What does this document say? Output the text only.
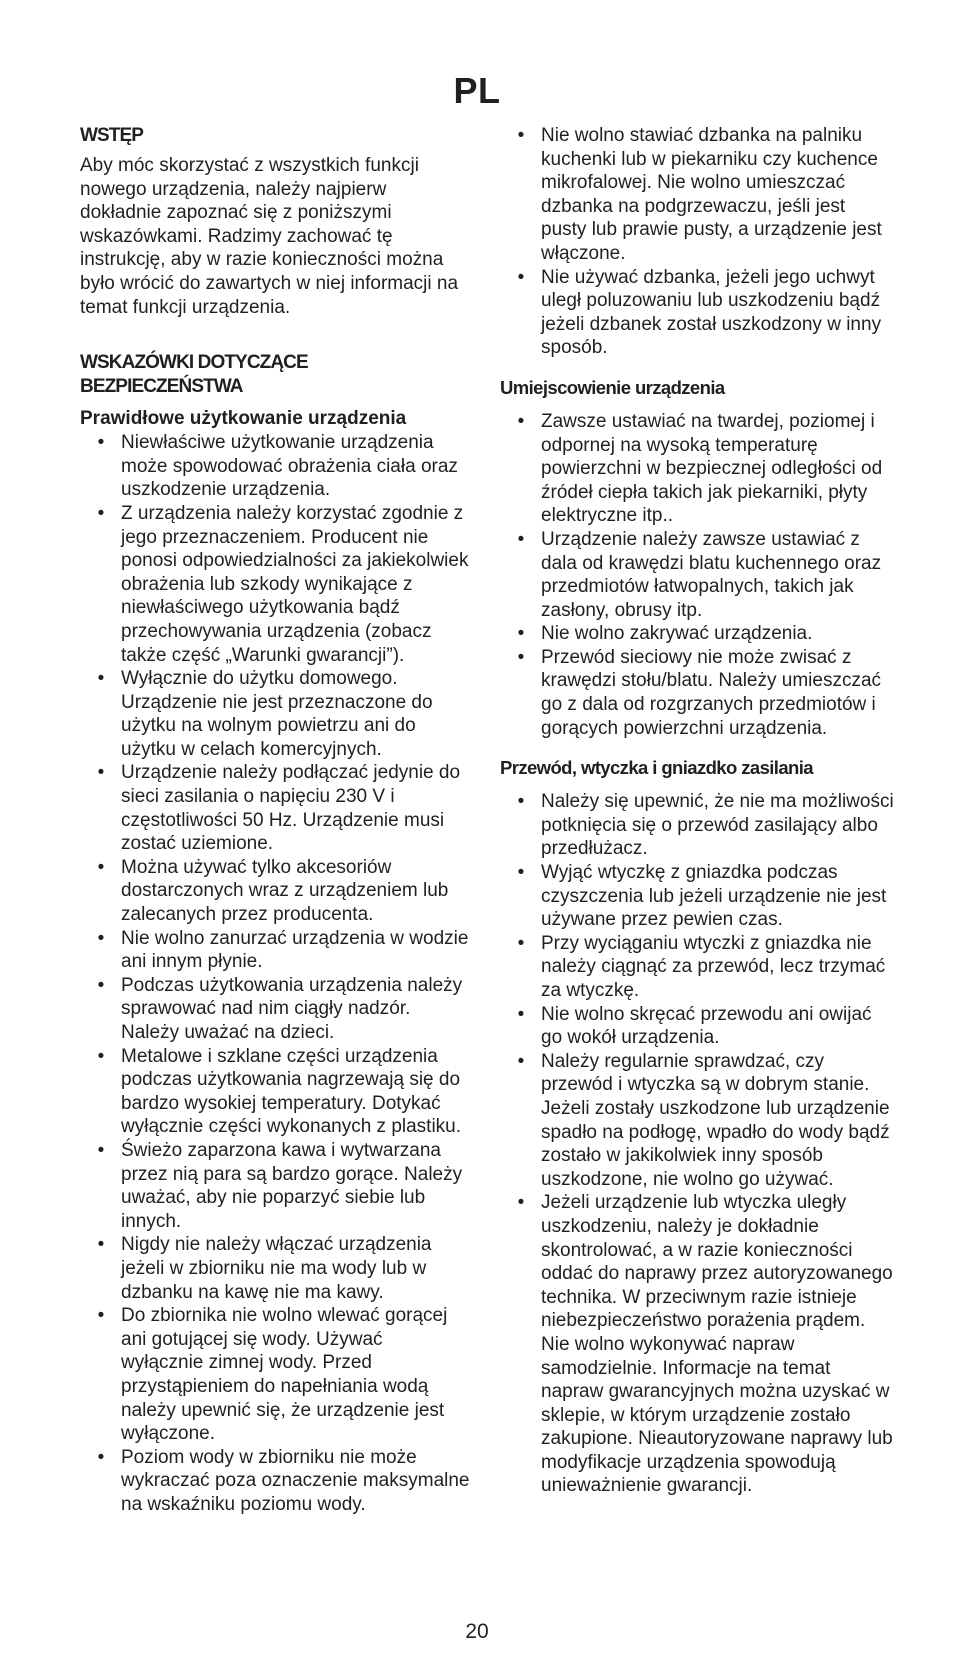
PL
WSTĘP

Aby móc skorzystać z wszystkich funkcji nowego urządzenia, należy najpierw dokładnie zapoznać się z poniższymi wskazówkami. Radzimy zachować tę instrukcję, aby w razie konieczności można było wrócić do zawartych w niej informacji na temat funkcji urządzenia.

WSKAZÓWKI DOTYCZĄCE BEZPIECZEŃSTWA
Prawidłowe użytkowanie urządzenia
• Niewłaściwe użytkowanie urządzenia może spowodować obrażenia ciała oraz uszkodzenie urządzenia.
• Z urządzenia należy korzystać zgodnie z jego przeznaczeniem. Producent nie ponosi odpowiedzialności za jakiekolwiek obrażenia lub szkody wynikające z niewłaściwego użytkowania bądź przechowywania urządzenia (zobacz także część „Warunki gwarancji”).
• Wyłącznie do użytku domowego. Urządzenie nie jest przeznaczone do użytku na wolnym powietrzu ani do użytku w celach komercyjnych.
• Urządzenie należy podłączać jedynie do sieci zasilania o napięciu 230 V i częstotliwości 50 Hz. Urządzenie musi zostać uziemione.
• Można używać tylko akcesoriów dostarczonych wraz z urządzeniem lub zalecanych przez producenta.
• Nie wolno zanurzać urządzenia w wodzie ani innym płynie.
• Podczas użytkowania urządzenia należy sprawować nad nim ciągły nadzór. Należy uważać na dzieci.
• Metalowe i szklane części urządzenia podczas użytkowania nagrzewają się do bardzo wysokiej temperatury. Dotykać wyłącznie części wykonanych z plastiku.
• Świeżo zaparzona kawa i wytwarzana przez nią para są bardzo gorące. Należy uważać, aby nie poparzyć siebie lub innych.
• Nigdy nie należy włączać urządzenia jeżeli w zbiorniku nie ma wody lub w dzbanku na kawę nie ma kawy.
• Do zbiornika nie wolno wlewać gorącej ani gotującej się wody. Używać wyłącznie zimnej wody. Przed przystąpieniem do napełniania wodą należy upewnić się, że urządzenie jest wyłączone.
• Poziom wody w zbiorniku nie może wykraczać poza oznaczenie maksymalne na wskaźniku poziomu wody.
• Nie wolno stawiać dzbanka na palniku kuchenki lub w piekarniku czy kuchence mikrofalowej. Nie wolno umieszczać dzbanka na podgrzewaczu, jeśli jest pusty lub prawie pusty, a urządzenie jest włączone.
• Nie używać dzbanka, jeżeli jego uchwyt uległ poluzowaniu lub uszkodzeniu bądź jeżeli dzbanek został uszkodzony w inny sposób.
Umiejscowienie urządzenia
• Zawsze ustawiać na twardej, poziomej i odpornej na wysoką temperaturę powierzchni w bezpiecznej odległości od źródeł ciepła takich jak piekarniki, płyty elektryczne itp..
• Urządzenie należy zawsze ustawiać z dala od krawędzi blatu kuchennego oraz przedmiotów łatwopalnych, takich jak zasłony, obrusy itp.
• Nie wolno zakrywać urządzenia.
• Przewód sieciowy nie może zwisać z krawędzi stołu/blatu. Należy umieszczać go z dala od rozgrzanych przedmiotów i gorących powierzchni urządzenia.
Przewód, wtyczka i gniazdko zasilania
• Należy się upewnić, że nie ma możliwości potknięcia się o przewód zasilający albo przedłużacz.
• Wyjąć wtyczkę z gniazdka podczas czyszczenia lub jeżeli urządzenie nie jest używane przez pewien czas.
• Przy wyciąganiu wtyczki z gniazdka nie należy ciągnąć za przewód, lecz trzymać za wtyczkę.
• Nie wolno skręcać przewodu ani owijać go wokół urządzenia.
• Należy regularnie sprawdzać, czy przewód i wtyczka są w dobrym stanie. Jeżeli zostały uszkodzone lub urządzenie spadło na podłogę, wpadło do wody bądź zostało w jakikolwiek inny sposób uszkodzone, nie wolno go używać.
• Jeżeli urządzenie lub wtyczka uległy uszkodzeniu, należy je dokładnie skontrolować, a w razie konieczności oddać do naprawy przez autoryzowanego technika. W przeciwnym razie istnieje niebezpieczeństwo porażenia prądem. Nie wolno wykonywać napraw samodzielnie. Informacje na temat napraw gwarancyjnych można uzyskać w sklepie, w którym urządzenie zostało zakupione. Nieautoryzowane naprawy lub modyfikacje urządzenia spowodują unieważnienie gwarancji.
20
